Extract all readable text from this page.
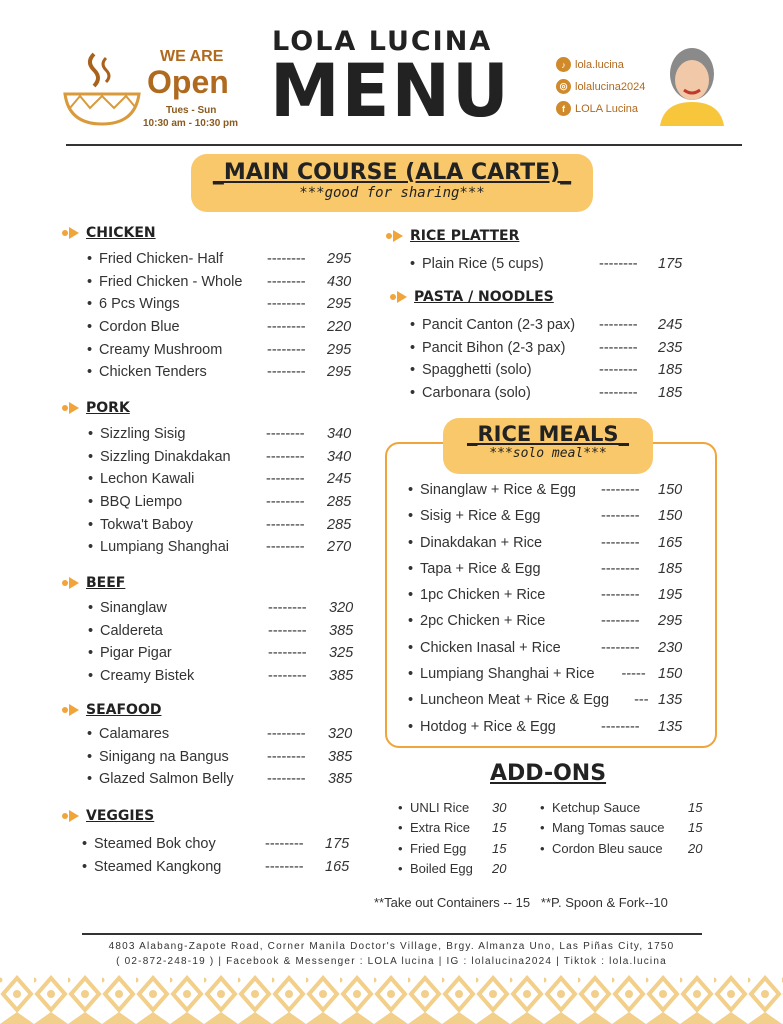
WE ARE
Open
Tues - Sun
10:30 am - 10:30 pm
LOLA LUCINA
MENU	♪ lola.lucina
◎ lolalucina2024
f LOLA Lucina
_MAIN COURSE (ALA CARTE)_
***good for sharing***
CHICKEN
• Fried Chicken- Half	-------- 295
• Fried Chicken - Whole -------- 430
• 6 Pcs Wings	-------- 295
• Cordon Blue	-------- 220
• Creamy Mushroom	-------- 295
• Chicken Tenders	-------- 295
PORK
• Sizzling Sisig	-------- 340
• Sizzling Dinakdakan -------- 340
• Lechon Kawali	-------- 245
• BBQ Liempo	-------- 285
• Tokwa't Baboy	-------- 285
• Lumpiang Shanghai	-------- 270
BEEF
• Sinanglaw	-------- 320
• Caldereta	-------- 385
• Pigar Pigar	-------- 325
• Creamy Bistek	-------- 385
SEAFOOD
• Calamares	-------- 320
• Sinigang na Bangus	-------- 385
• Glazed Salmon Belly -------- 385
VEGGIES
• Steamed Bok choy	-------- 175
• Steamed Kangkong	-------- 165
RICE PLATTER
• Plain Rice (5 cups)	-------- 175
PASTA / NOODLES
• Pancit Canton (2-3 pax) -------- 245
• Pancit Bihon (2-3 pax) -------- 235
• Spagghetti (solo)	-------- 185
• Carbonara (solo)	-------- 185
_RICE MEALS_
***solo meal***
• Sinanglaw + Rice & Egg -------- 150
• Sisig + Rice & Egg	-------- 150
• Dinakdakan + Rice	-------- 165
• Tapa + Rice & Egg	-------- 185
• 1pc Chicken + Rice	-------- 195
• 2pc Chicken + Rice	-------- 295
• Chicken Inasal + Rice	-------- 230
• Lumpiang Shanghai + Rice ----- 150
• Luncheon Meat + Rice & Egg --- 135
• Hotdog + Rice & Egg	-------- 135
ADD-ONS
• UNLI Rice 30
• Extra Rice 15
• Fried Egg 15
• Boiled Egg 20
• Ketchup Sauce	15
• Mang Tomas sauce 15
• Cordon Bleu sauce 20
**Take out Containers -- 15   **P. Spoon & Fork--10
4803 Alabang-Zapote Road, Corner Manila Doctor's Village, Brgy. Almanza Uno, Las Piñas City, 1750
( 02-872-248-19 ) | Facebook & Messenger : LOLA lucina | IG : lolalucina2024 | Tiktok : lola.lucina
